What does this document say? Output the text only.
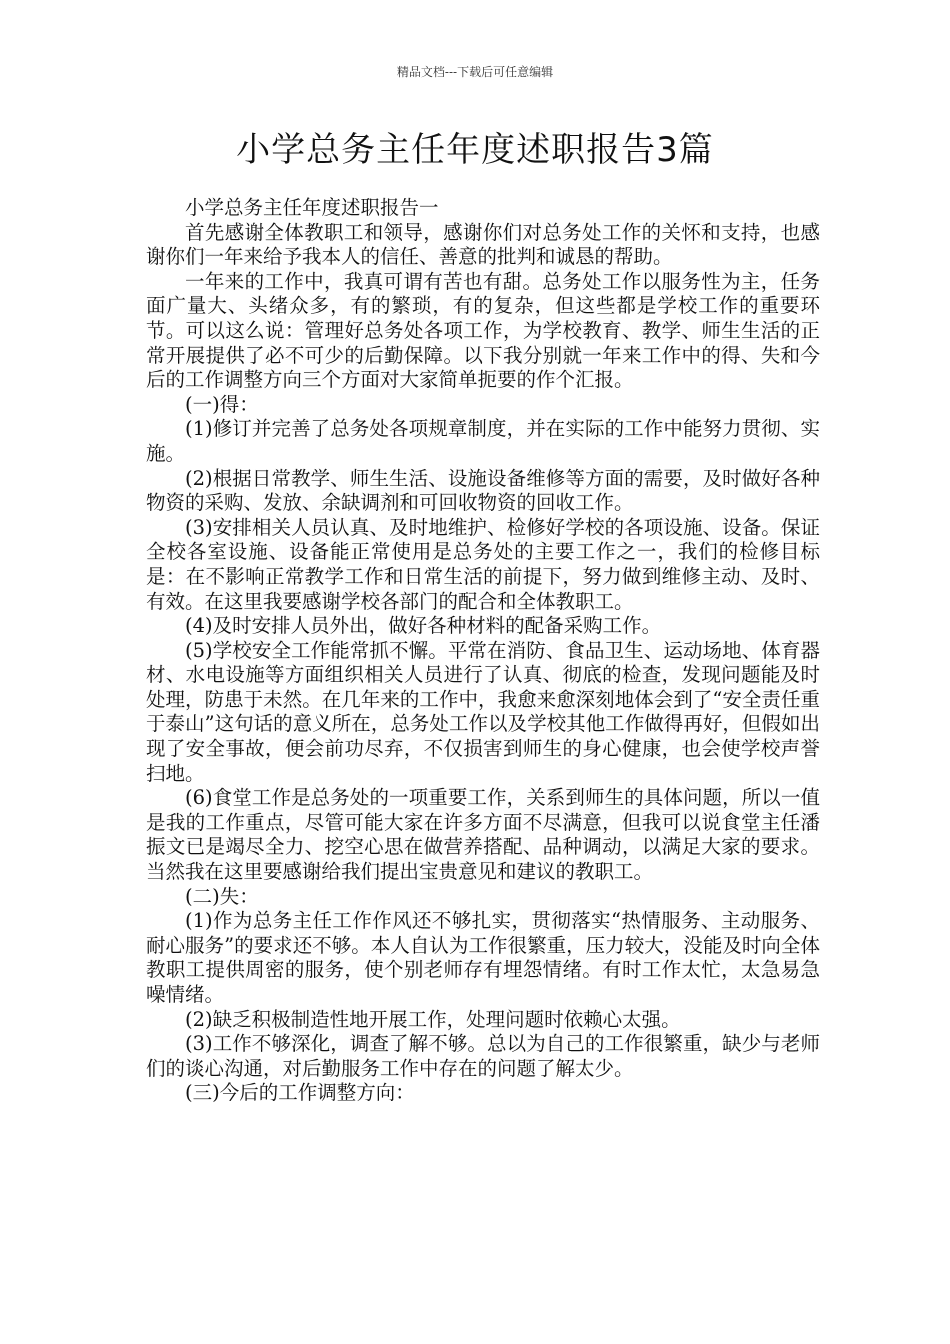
精品文档---下载后可任意编辑
小学总务主任年度述职报告3篇

小学总务主任年度述职报告一

首先感谢全体教职工和领导，感谢你们对总务处工作的关怀和支持，也感谢你们一年来给予我本人的信任、善意的批判和诚恳的帮助。

一年来的工作中，我真可谓有苦也有甜。总务处工作以服务性为主，任务面广量大、头绪众多，有的繁琐，有的复杂，但这些都是学校工作的重要环节。可以这么说：管理好总务处各项工作，为学校教育、教学、师生生活的正常开展提供了必不可少的后勤保障。以下我分别就一年来工作中的得、失和今后的工作调整方向三个方面对大家简单扼要的作个汇报。

(一)得：

(1)修订并完善了总务处各项规章制度，并在实际的工作中能努力贯彻、实施。

(2)根据日常教学、师生生活、设施设备维修等方面的需要，及时做好各种物资的采购、发放、余缺调剂和可回收物资的回收工作。

(3)安排相关人员认真、及时地维护、检修好学校的各项设施、设备。保证全校各室设施、设备能正常使用是总务处的主要工作之一，我们的检修目标是：在不影响正常教学工作和日常生活的前提下，努力做到维修主动、及时、有效。在这里我要感谢学校各部门的配合和全体教职工。

(4)及时安排人员外出，做好各种材料的配备采购工作。

(5)学校安全工作能常抓不懈。平常在消防、食品卫生、运动场地、体育器材、水电设施等方面组织相关人员进行了认真、彻底的检查，发现问题能及时处理，防患于未然。在几年来的工作中，我愈来愈深刻地体会到了“安全责任重于泰山”这句话的意义所在，总务处工作以及学校其他工作做得再好，但假如出现了安全事故，便会前功尽弃，不仅损害到师生的身心健康，也会使学校声誉扫地。

(6)食堂工作是总务处的一项重要工作，关系到师生的具体问题，所以一值是我的工作重点，尽管可能大家在许多方面不尽满意，但我可以说食堂主任潘振文已是竭尽全力、挖空心思在做营养搭配、品种调动，以满足大家的要求。当然我在这里要感谢给我们提出宝贵意见和建议的教职工。

(二)失：

(1)作为总务主任工作作风还不够扎实，贯彻落实“热情服务、主动服务、耐心服务”的要求还不够。本人自认为工作很繁重，压力较大，没能及时向全体教职工提供周密的服务，使个别老师存有埋怨情绪。有时工作太忙，太急易急噪情绪。

(2)缺乏积极制造性地开展工作，处理问题时依赖心太强。

(3)工作不够深化，调查了解不够。总以为自己的工作很繁重，缺少与老师们的谈心沟通，对后勤服务工作中存在的问题了解太少。

(三)今后的工作调整方向：
